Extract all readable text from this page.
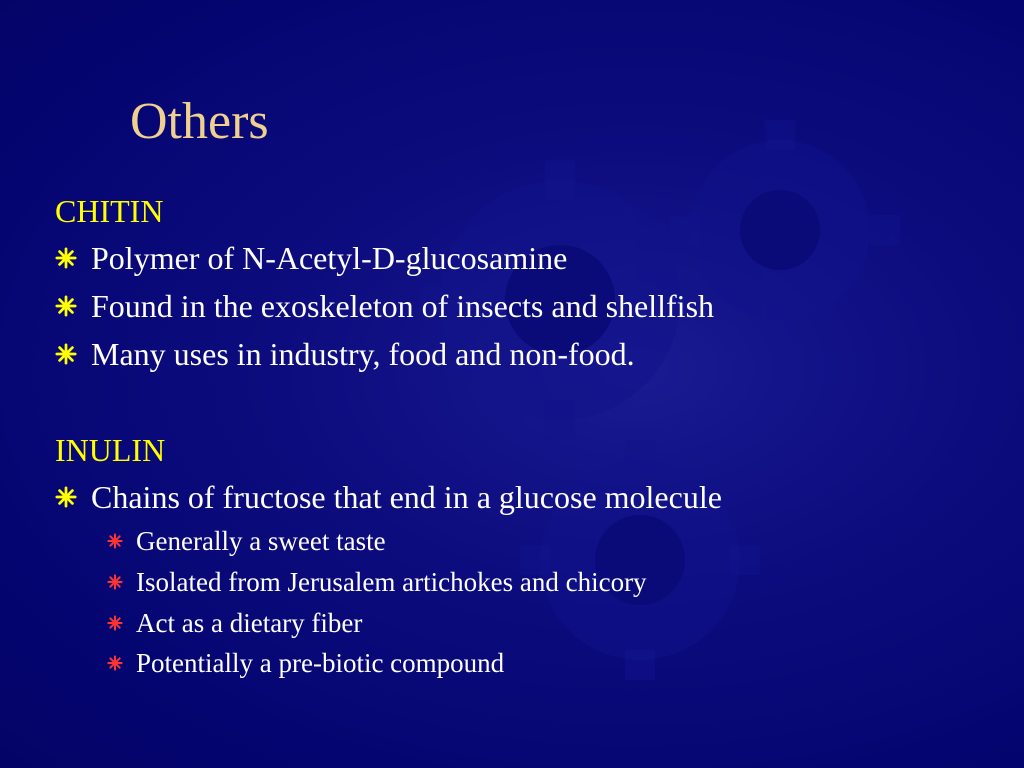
Others
CHITIN
Polymer of N-Acetyl-D-glucosamine
Found in the exoskeleton of insects and shellfish
Many uses in industry, food and non-food.
INULIN
Chains of fructose that end in a glucose molecule
Generally a sweet taste
Isolated from Jerusalem artichokes and chicory
Act as a dietary fiber
Potentially a pre-biotic compound
